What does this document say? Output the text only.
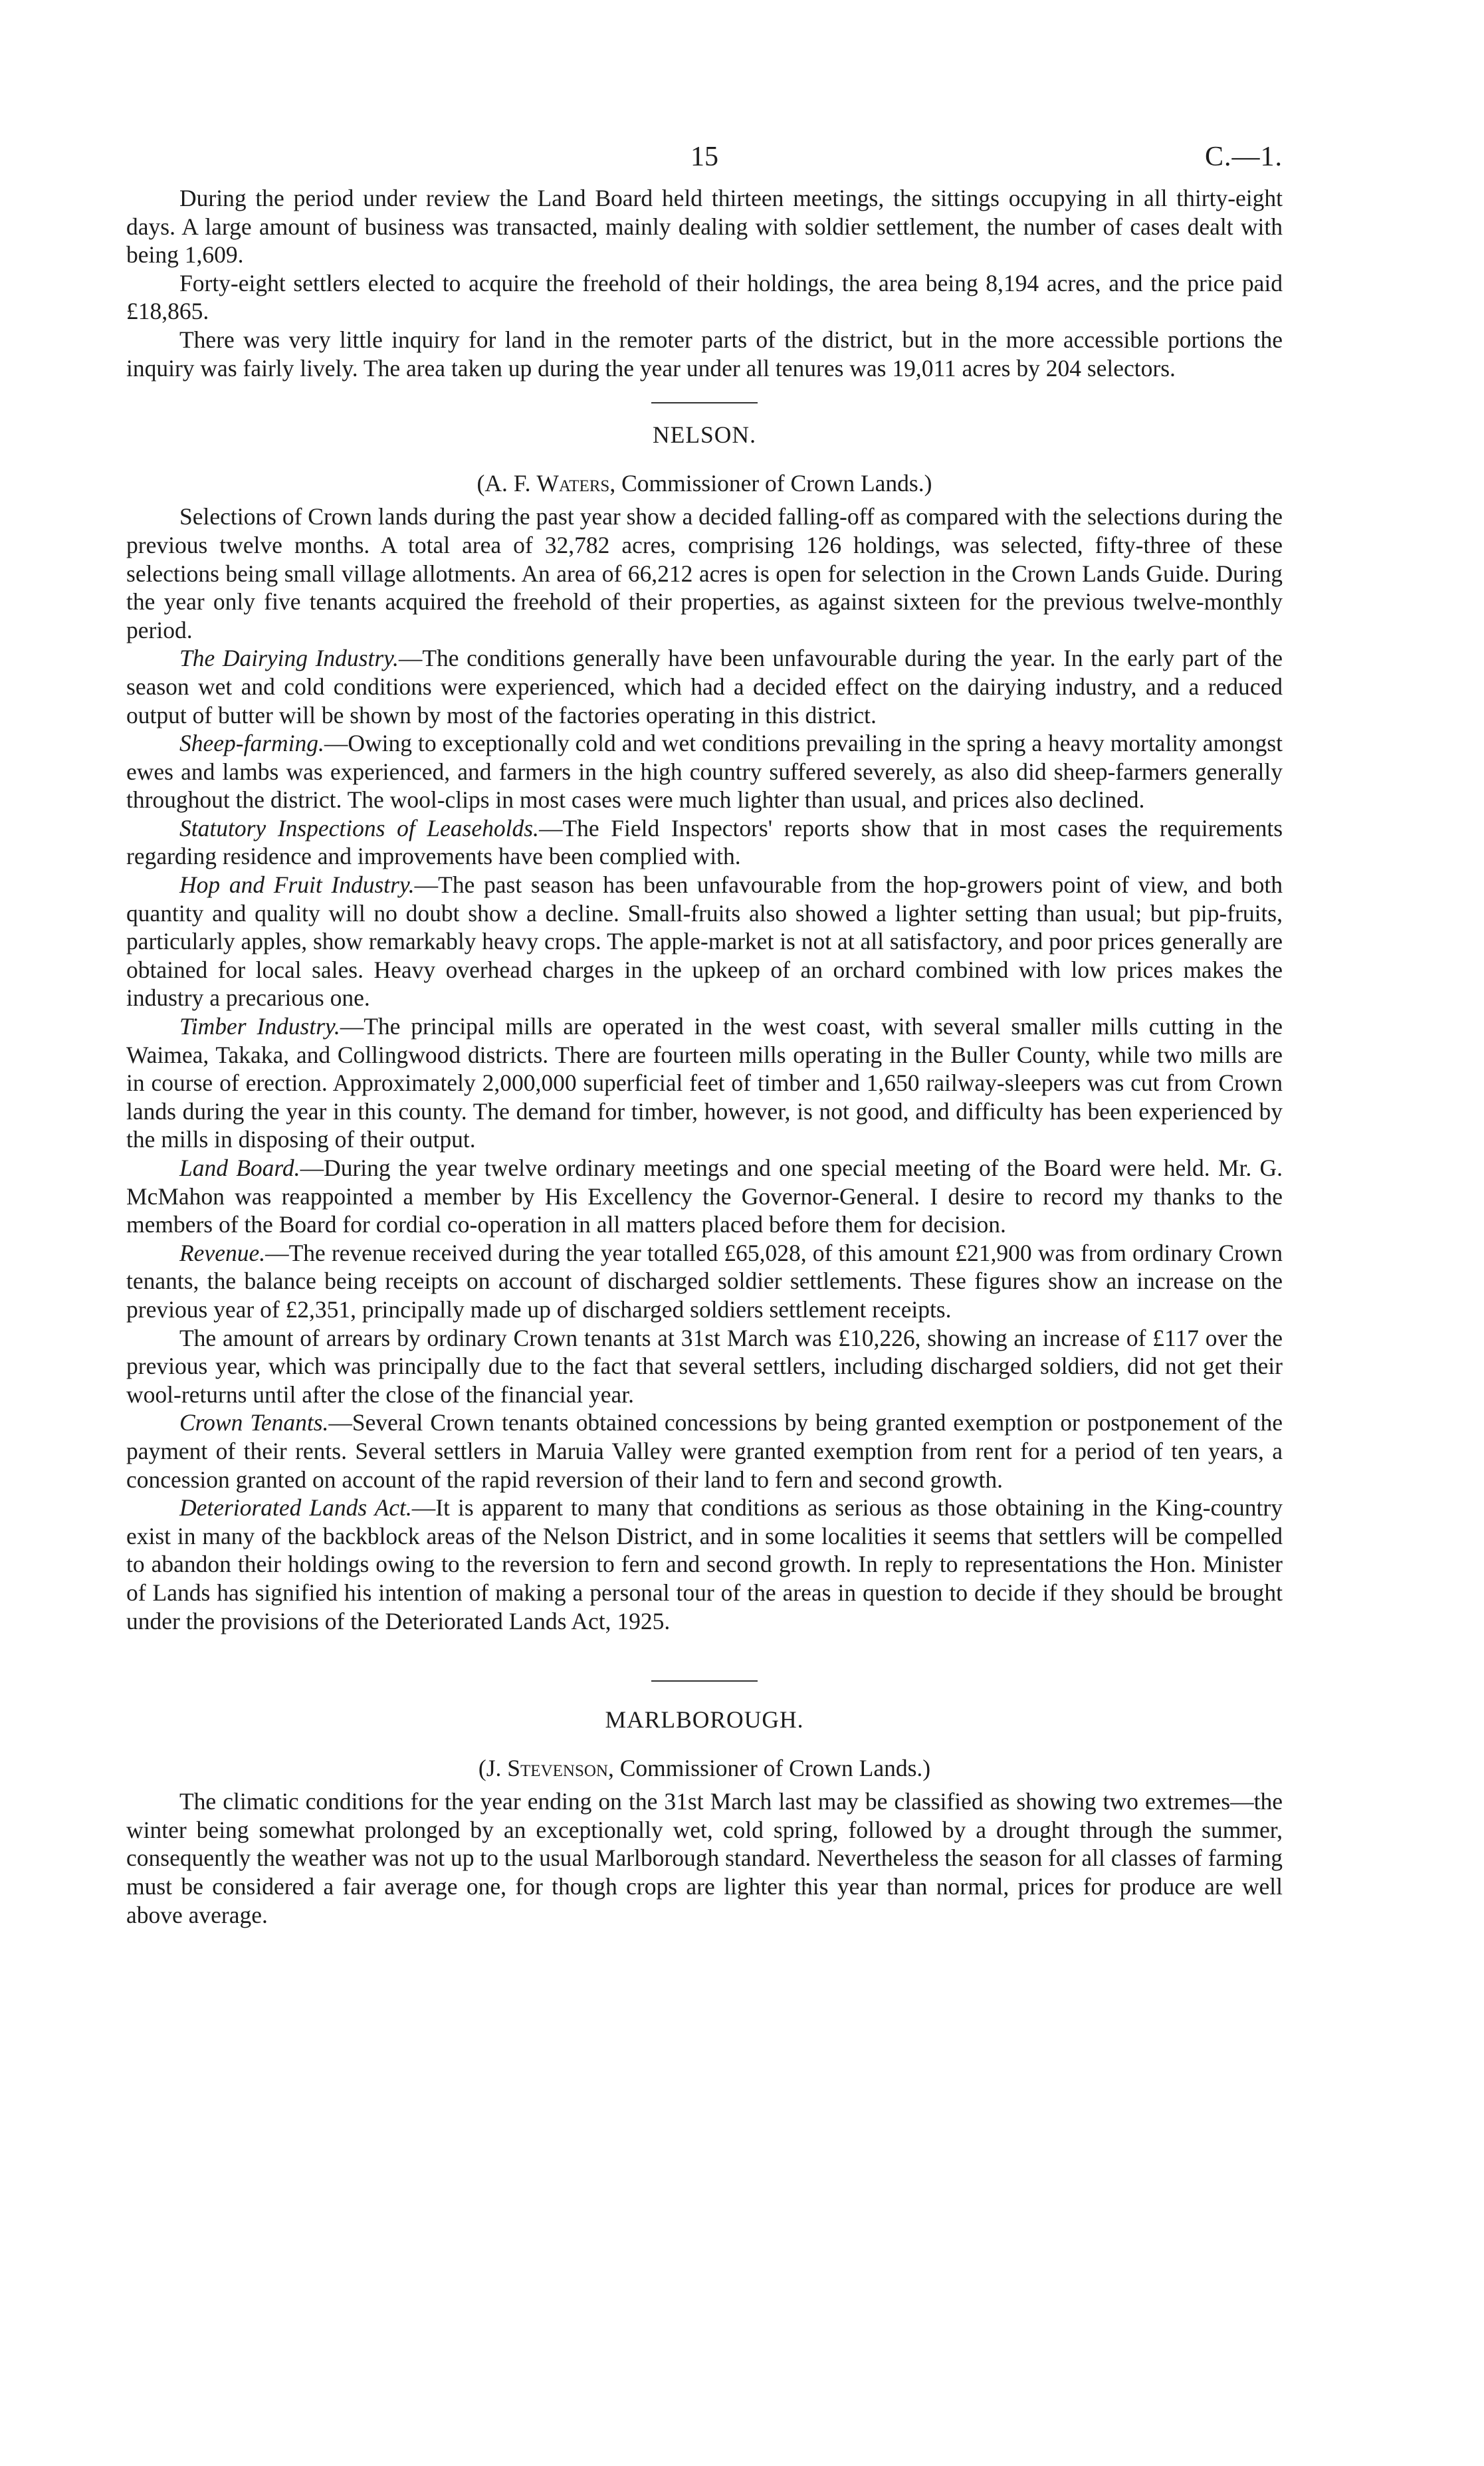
15	C.—1.

During the period under review the Land Board held thirteen meetings, the sittings occupying in all thirty-eight days. A large amount of business was transacted, mainly dealing with soldier settlement, the number of cases dealt with being 1,609.

Forty-eight settlers elected to acquire the freehold of their holdings, the area being 8,194 acres, and the price paid £18,865.

There was very little inquiry for land in the remoter parts of the district, but in the more accessible portions the inquiry was fairly lively. The area taken up during the year under all tenures was 19,011 acres by 204 selectors.

NELSON.
(A. F. Waters, Commissioner of Crown Lands.)

Selections of Crown lands during the past year show a decided falling-off as compared with the selections during the previous twelve months. A total area of 32,782 acres, comprising 126 holdings, was selected, fifty-three of these selections being small village allotments. An area of 66,212 acres is open for selection in the Crown Lands Guide. During the year only five tenants acquired the freehold of their properties, as against sixteen for the previous twelve-monthly period.

The Dairying Industry.—The conditions generally have been unfavourable during the year. In the early part of the season wet and cold conditions were experienced, which had a decided effect on the dairying industry, and a reduced output of butter will be shown by most of the factories operating in this district.

Sheep-farming.—Owing to exceptionally cold and wet conditions prevailing in the spring a heavy mortality amongst ewes and lambs was experienced, and farmers in the high country suffered severely, as also did sheep-farmers generally throughout the district. The wool-clips in most cases were much lighter than usual, and prices also declined.

Statutory Inspections of Leaseholds.—The Field Inspectors' reports show that in most cases the requirements regarding residence and improvements have been complied with.

Hop and Fruit Industry.—The past season has been unfavourable from the hop-growers point of view, and both quantity and quality will no doubt show a decline. Small-fruits also showed a lighter setting than usual; but pip-fruits, particularly apples, show remarkably heavy crops. The apple-market is not at all satisfactory, and poor prices generally are obtained for local sales. Heavy overhead charges in the upkeep of an orchard combined with low prices makes the industry a precarious one.

Timber Industry.—The principal mills are operated in the west coast, with several smaller mills cutting in the Waimea, Takaka, and Collingwood districts. There are fourteen mills operating in the Buller County, while two mills are in course of erection. Approximately 2,000,000 superficial feet of timber and 1,650 railway-sleepers was cut from Crown lands during the year in this county. The demand for timber, however, is not good, and difficulty has been experienced by the mills in disposing of their output.

Land Board.—During the year twelve ordinary meetings and one special meeting of the Board were held. Mr. G. McMahon was reappointed a member by His Excellency the Governor-General. I desire to record my thanks to the members of the Board for cordial co-operation in all matters placed before them for decision.

Revenue.—The revenue received during the year totalled £65,028, of this amount £21,900 was from ordinary Crown tenants, the balance being receipts on account of discharged soldier settlements. These figures show an increase on the previous year of £2,351, principally made up of discharged soldiers settlement receipts.

The amount of arrears by ordinary Crown tenants at 31st March was £10,226, showing an increase of £117 over the previous year, which was principally due to the fact that several settlers, including discharged soldiers, did not get their wool-returns until after the close of the financial year.

Crown Tenants.—Several Crown tenants obtained concessions by being granted exemption or postponement of the payment of their rents. Several settlers in Maruia Valley were granted exemption from rent for a period of ten years, a concession granted on account of the rapid reversion of their land to fern and second growth.

Deteriorated Lands Act.—It is apparent to many that conditions as serious as those obtaining in the King-country exist in many of the backblock areas of the Nelson District, and in some localities it seems that settlers will be compelled to abandon their holdings owing to the reversion to fern and second growth. In reply to representations the Hon. Minister of Lands has signified his intention of making a personal tour of the areas in question to decide if they should be brought under the provisions of the Deteriorated Lands Act, 1925.

MARLBOROUGH.
(J. Stevenson, Commissioner of Crown Lands.)

The climatic conditions for the year ending on the 31st March last may be classified as showing two extremes—the winter being somewhat prolonged by an exceptionally wet, cold spring, followed by a drought through the summer, consequently the weather was not up to the usual Marlborough standard. Nevertheless the season for all classes of farming must be considered a fair average one, for though crops are lighter this year than normal, prices for produce are well above average.
